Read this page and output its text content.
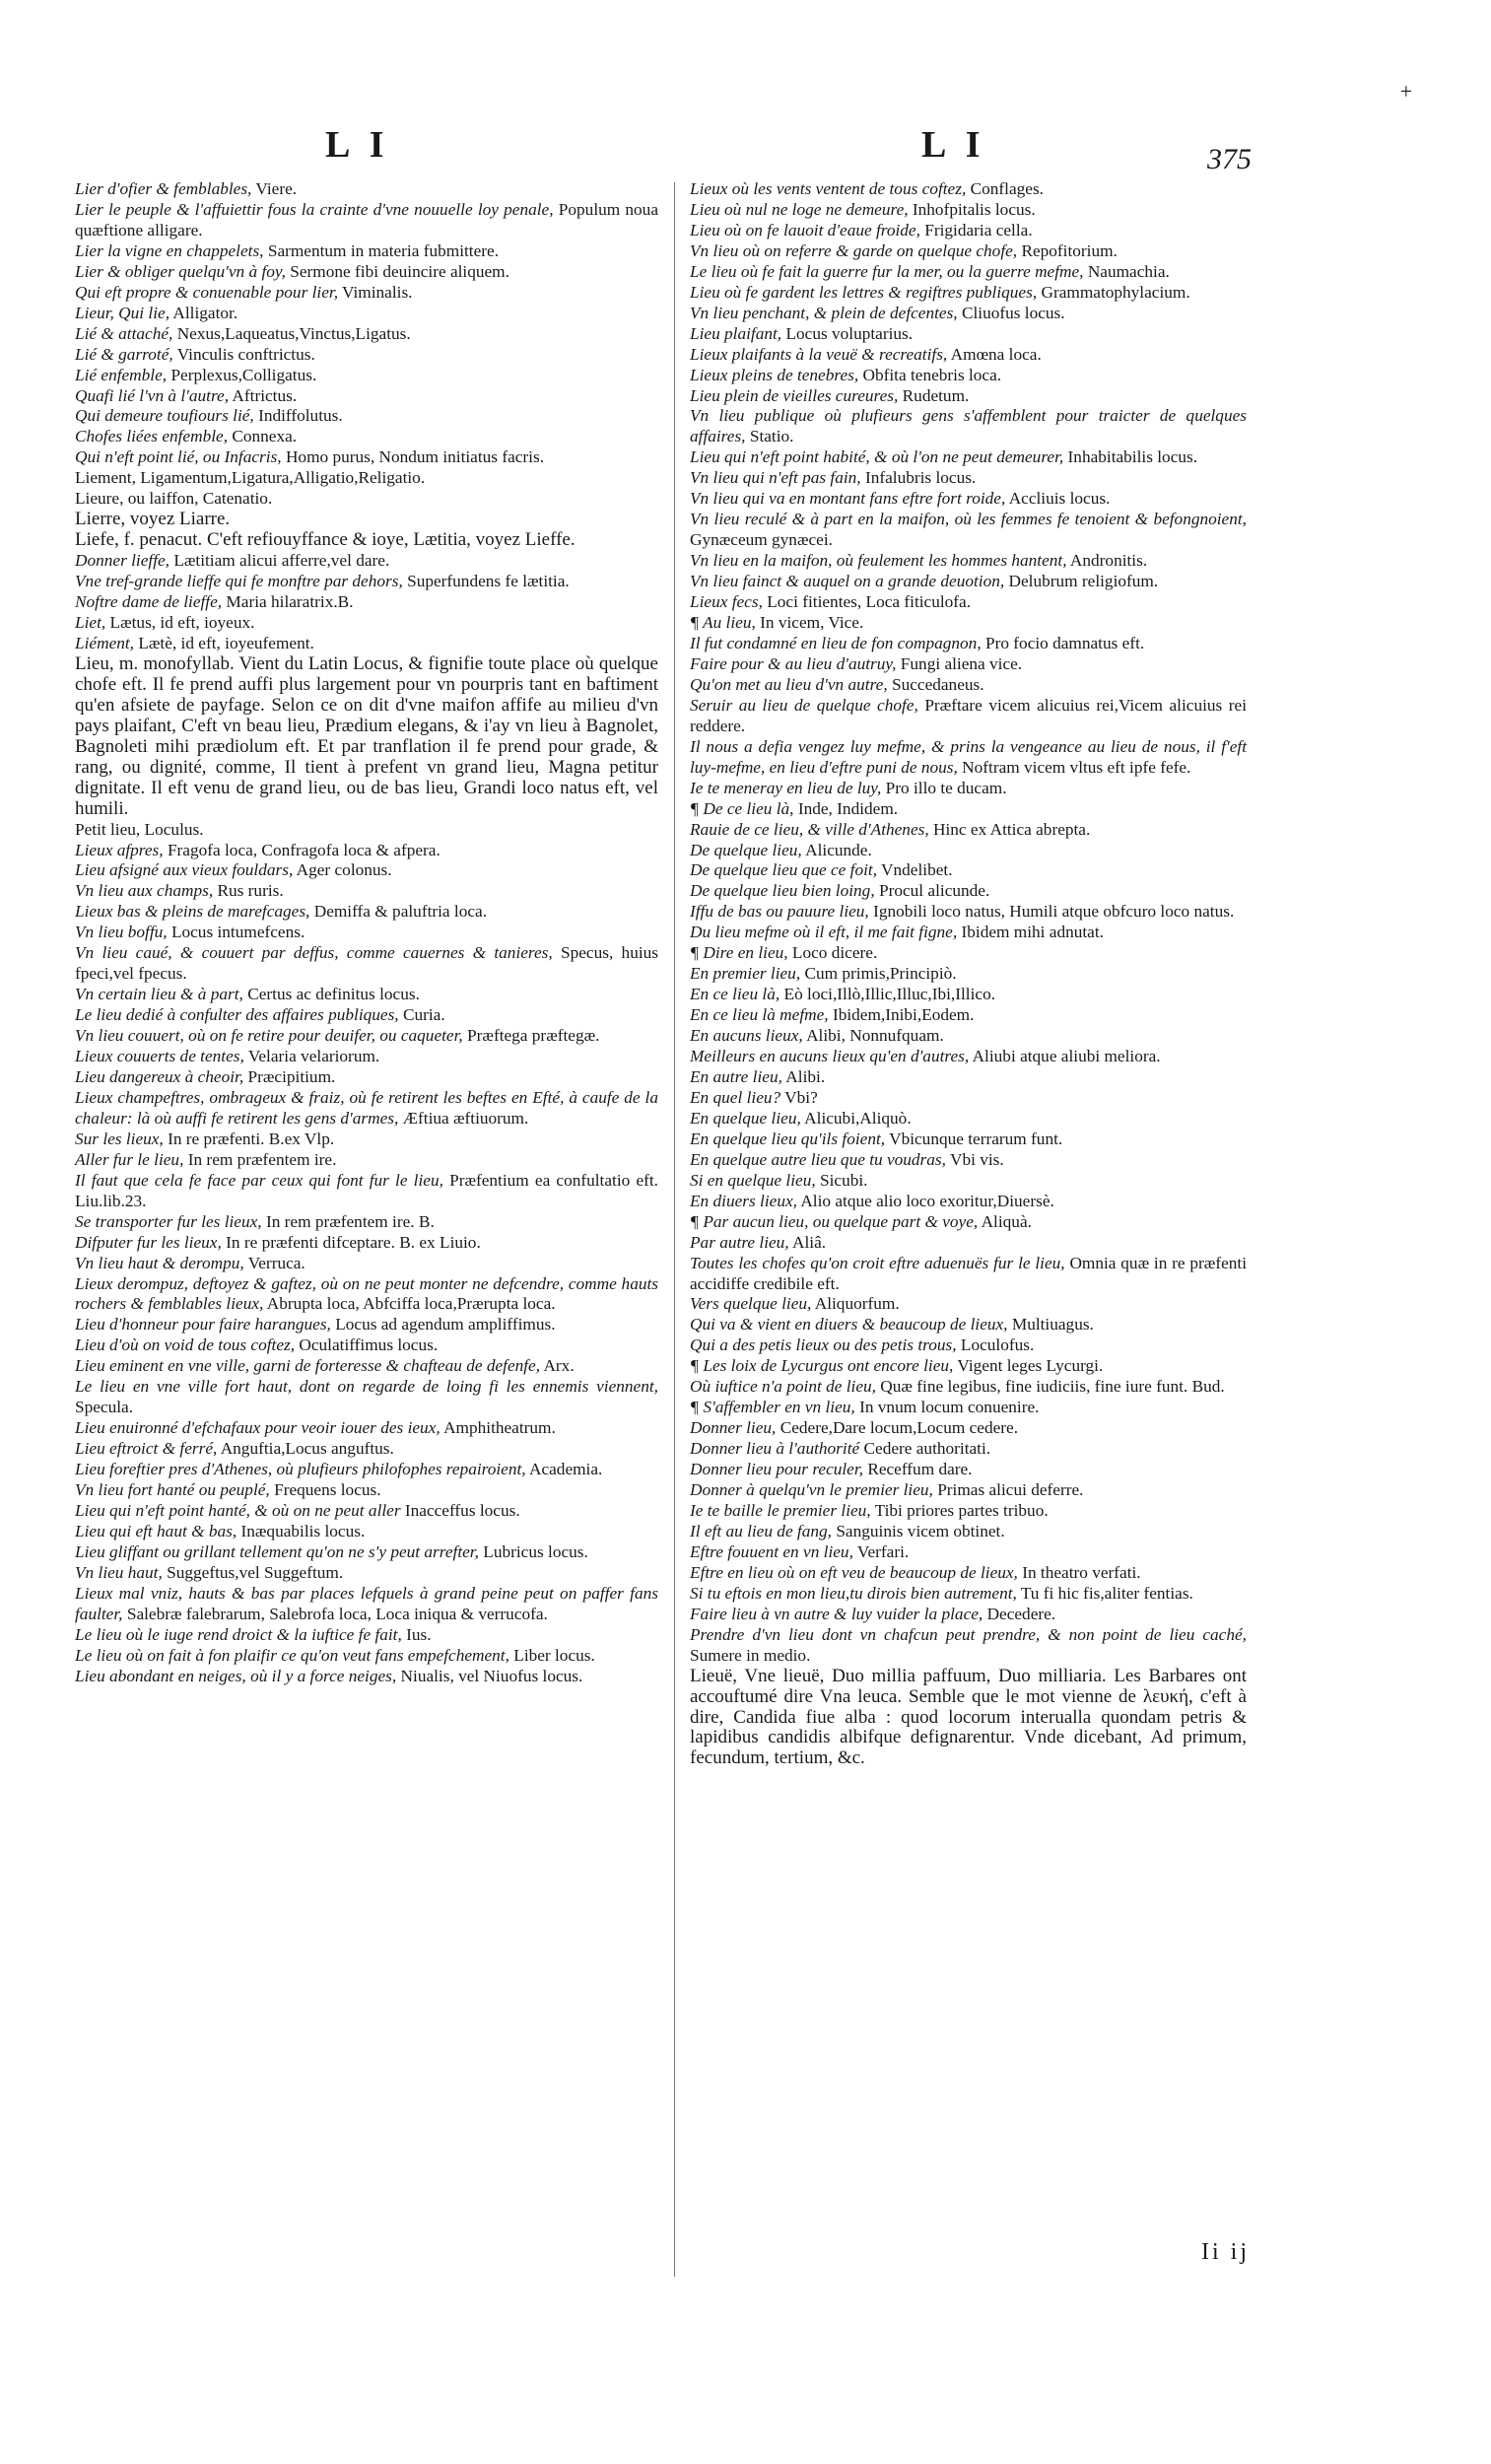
L I	L I	375
+
Lier d'ofier & femblables, Viere.
Lier le peuple & l'affuiettir fous la crainte d'vne nouuelle loy penale, Populum noua quæftione alligare.
Lier la vigne en chappelets, Sarmentum in materia fubmittere.
Lier & obliger quelqu'vn à foy, Sermone fibi deuincire aliquem.
Qui eft propre & conuenable pour lier, Viminalis.
Lieur, Qui lie, Alligator.
Lié & attaché, Nexus,Laqueatus,Vinctus,Ligatus.
Lié & garroté, Vinculis conftrictus.
Lié enfemble, Perplexus,Colligatus.
Quafi lié l'vn à l'autre, Aftrictus.
Qui demeure toufiours lié, Indiffolutus.
Chofes liées enfemble, Connexa.
Qui n'eft point lié, ou Infacris, Homo purus, Nondum initiatus facris.
Liement, Ligamentum,Ligatura,Alligatio,Religatio.
Lieure, ou laiffon, Catenatio.
Lierre, voyez Liarre.
Liefe, f. penacut. C'eft refiouyffance & ioye, Lætitia, voyez Lieffe.
Donner lieffe, Lætitiam alicui afferre,vel dare.
Vne tref-grande lieffe qui fe monftre par dehors, Superfundens fe lætitia.
Noftre dame de lieffe, Maria hilaratrix.B.
Liet, Lætus, id eft, ioyeux.
Liément, Lætè, id eft, ioyeufement.
Lieu, m. monofyllab. Vient du Latin Locus, & fignifie toute place où quelque chofe eft. Il fe prend auffi plus largement pour vn pourpris tant en baftiment qu'en afsiete de payfage. Selon ce on dit d'vne maifon affife au milieu d'vn pays plaifant, C'eft vn beau lieu, Prædium elegans, & i'ay vn lieu à Bagnolet, Bagnoleti mihi prædiolum eft. Et par tranflation il fe prend pour grade, & rang, ou dignité, comme, Il tient à prefent vn grand lieu, Magna petitur dignitate. Il eft venu de grand lieu, ou de bas lieu, Grandi loco natus eft, vel humili.
Petit lieu, Loculus.
Lieux afpres, Fragofa loca, Confragofa loca & afpera.
Lieu afsigné aux vieux fouldars, Ager colonus.
Vn lieu aux champs, Rus ruris.
Lieux bas & pleins de marefcages, Demiffa & paluftria loca.
Vn lieu boffu, Locus intumefcens.
Vn lieu caué, & couuert par deffus, comme cauernes & tanieres, Specus, huius fpeci,vel fpecus.
Vn certain lieu & à part, Certus ac definitus locus.
Le lieu dedié à confulter des affaires publiques, Curia.
Vn lieu couuert, où on fe retire pour deuifer, ou caqueter, Præftega præftegæ.
Lieux couuerts de tentes, Velaria velariorum.
Lieu dangereux à cheoir, Præcipitium.
Lieux champeftres, ombrageux & fraiz, où fe retirent les beftes en Efté, à caufe de la chaleur: là où auffi fe retirent les gens d'armes, Æftiua æftiuorum.
Sur les lieux, In re præfenti. B.ex Vlp.
Aller fur le lieu, In rem præfentem ire.
Il faut que cela fe face par ceux qui font fur le lieu, Præfentium ea confultatio eft. Liu.lib.23.
Se transporter fur les lieux, In rem præfentem ire. B.
Difputer fur les lieux, In re præfenti difceptare. B. ex Liuio.
Vn lieu haut & derompu, Verruca.
Lieux derompuz, deftoyez & gaftez, où on ne peut monter ne defcendre, comme hauts rochers & femblables lieux, Abrupta loca, Abfciffa loca,Prærupta loca.
Lieu d'honneur pour faire harangues, Locus ad agendum ampliffimus.
Lieu d'où on void de tous coftez, Oculatiffimus locus.
Lieu eminent en vne ville, garni de forteresse & chafteau de defenfe, Arx.
Le lieu en vne ville fort haut, dont on regarde de loing fi les ennemis viennent, Specula.
Lieu enuironné d'efchafaux pour veoir iouer des ieux, Amphitheatrum.
Lieu eftroict & ferré, Anguftia,Locus anguftus.
Lieu foreftier pres d'Athenes, où plufieurs philofophes repairoient, Academia.
Vn lieu fort hanté ou peuplé, Frequens locus.
Lieu qui n'eft point hanté, & où on ne peut aller Inacceffus locus.
Lieu qui eft haut & bas, Inæquabilis locus.
Lieu gliffant ou grillant tellement qu'on ne s'y peut arrefter, Lubricus locus.
Vn lieu haut, Suggeftus,vel Suggeftum.
Lieux mal vniz, hauts & bas par places lefquels à grand peine peut on paffer fans faulter, Salebræ falebrarum, Salebrofa loca, Loca iniqua & verrucofa.
Le lieu où le iuge rend droict & la iuftice fe fait, Ius.
Le lieu où on fait à fon plaifir ce qu'on veut fans empefchement, Liber locus.
Lieu abondant en neiges, où il y a force neiges, Niualis, vel Niuofus locus.
Lieux où les vents ventent de tous coftez, Conflages.
Lieu où nul ne loge ne demeure, Inhofpitalis locus.
Lieu où on fe lauoit d'eaue froide, Frigidaria cella.
Vn lieu où on referre & garde on quelque chofe, Repofitorium.
Le lieu où fe fait la guerre fur la mer, ou la guerre mefme, Naumachia.
Lieu où fe gardent les lettres & regiftres publiques, Grammatophylacium.
Vn lieu penchant, & plein de defcentes, Cliuofus locus.
Lieu plaifant, Locus voluptarius.
Lieux plaifants à la veuë & recreatifs, Amœna loca.
Lieux pleins de tenebres, Obfita tenebris loca.
Lieu plein de vieilles cureures, Rudetum.
Vn lieu publique où plufieurs gens s'affemblent pour traicter de quelques affaires, Statio.
Lieu qui n'eft point habité, & où l'on ne peut demeurer, Inhabitabilis locus.
Vn lieu qui n'eft pas fain, Infalubris locus.
Vn lieu qui va en montant fans eftre fort roide, Accliuis locus.
Vn lieu reculé & à part en la maifon, où les femmes fe tenoient & befongnoient, Gynæceum gynæcei.
Vn lieu en la maifon, où feulement les hommes hantent, Andronitis.
Vn lieu fainct & auquel on a grande deuotion, Delubrum religiofum.
Lieux fecs, Loci fitientes, Loca fiticulofa.
¶ Au lieu, In vicem, Vice.
Il fut condamné en lieu de fon compagnon, Pro focio damnatus eft.
Faire pour & au lieu d'autruy, Fungi aliena vice.
Qu'on met au lieu d'vn autre, Succedaneus.
Seruir au lieu de quelque chofe, Præftare vicem alicuius rei,Vicem alicuius rei reddere.
Il nous a defia vengez luy mefme, & prins la vengeance au lieu de nous, il f'eft luy-mefme, en lieu d'eftre puni de nous, Noftram vicem vltus eft ipfe fefe.
Ie te meneray en lieu de luy, Pro illo te ducam.
¶ De ce lieu là, Inde, Indidem.
Rauie de ce lieu, & ville d'Athenes, Hinc ex Attica abrepta.
De quelque lieu, Alicunde.
De quelque lieu que ce foit, Vndelibet.
De quelque lieu bien loing, Procul alicunde.
Iffu de bas ou pauure lieu, Ignobili loco natus, Humili atque obfcuro loco natus.
Du lieu mefme où il eft, il me fait figne, Ibidem mihi adnutat.
¶ Dire en lieu, Loco dicere.
En premier lieu, Cum primis,Principiò.
En ce lieu là, Eò loci,Illò,Illic,Illuc,Ibi,Illico.
En ce lieu là mefme, Ibidem,Inibi,Eodem.
En aucuns lieux, Alibi, Nonnufquam.
Meilleurs en aucuns lieux qu'en d'autres, Aliubi atque aliubi meliora.
En autre lieu, Alibi.
En quel lieu? Vbi?
En quelque lieu, Alicubi,Aliquò.
En quelque lieu qu'ils foient, Vbicunque terrarum funt.
En quelque autre lieu que tu voudras, Vbi vis.
Si en quelque lieu, Sicubi.
En diuers lieux, Alio atque alio loco exoritur,Diuersè.
¶ Par aucun lieu, ou quelque part & voye, Aliquà.
Par autre lieu, Aliâ.
Toutes les chofes qu'on croit eftre aduenuës fur le lieu, Omnia quæ in re præfenti accidiffe credibile eft.
Vers quelque lieu, Aliquorfum.
Qui va & vient en diuers & beaucoup de lieux, Multiuagus.
Qui a des petis lieux ou des petis trous, Loculofus.
¶ Les loix de Lycurgus ont encore lieu, Vigent leges Lycurgi.
Où iuftice n'a point de lieu, Quæ fine legibus, fine iudiciis, fine iure funt. Bud.
¶ S'affembler en vn lieu, In vnum locum conuenire.
Donner lieu, Cedere,Dare locum,Locum cedere.
Donner lieu à l'authorité Cedere authoritati.
Donner lieu pour reculer, Receffum dare.
Donner à quelqu'vn le premier lieu, Primas alicui deferre.
Ie te baille le premier lieu, Tibi priores partes tribuo.
Il eft au lieu de fang, Sanguinis vicem obtinet.
Eftre fouuent en vn lieu, Verfari.
Eftre en lieu où on eft veu de beaucoup de lieux, In theatro verfati.
Si tu eftois en mon lieu,tu dirois bien autrement, Tu fi hic fis,aliter fentias.
Faire lieu à vn autre & luy vuider la place, Decedere.
Prendre d'vn lieu dont vn chafcun peut prendre, & non point de lieu caché, Sumere in medio.
Lieuë, Vne lieuë, Duo millia paffuum, Duo milliaria. Les Barbares ont accouftumé dire Vna leuca. Semble que le mot vienne de λευκή, c'eft à dire, Candida fiue alba : quod locorum interualla quondam petris & lapidibus candidis albifque defignarentur. Vnde dicebant, Ad primum, fecundum, tertium, &c.
Ii ij
